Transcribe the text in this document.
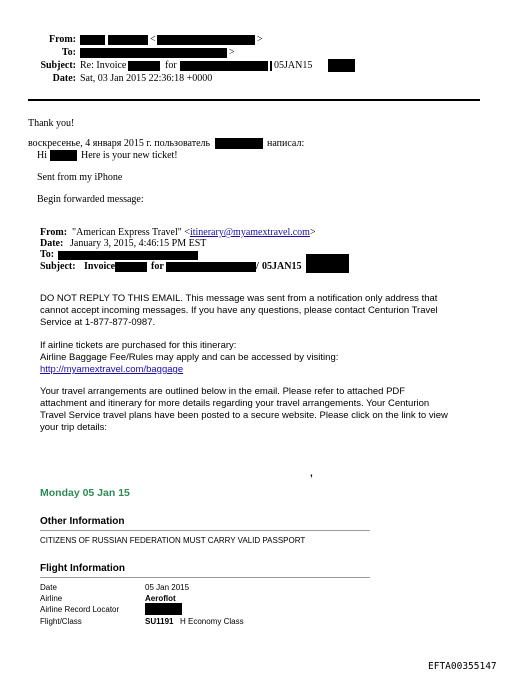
From:	<	>
To:	>
Subject: Re: Invoice	for	05JAN15
Date: Sat, 03 Jan 2015 22:36:18 +0000
Thank you!
воскресенье, 4 января 2015 г. пользователь	написал:
Hi	Here is your new ticket!
Sent from my iPhone
Begin forwarded message:
From: "American Express Travel" <itinerary@myamextravel.com>
Date: January 3, 2015, 4:46:15 PM EST
To:
Subject: Invoice	for	/ 05JAN15
DO NOT REPLY TO THIS EMAIL. This message was sent from a notification only address that
cannot accept incoming messages. If you have any questions, please contact Centurion Travel
Service at 1-877-877-0987.
If airline tickets are purchased for this itinerary:
Airline Baggage Fee/Rules may apply and can be accessed by visiting:
http://myamextravel.com/baggage
Your travel arrangements are outlined below in the email. Please refer to attached PDF
attachment and itinerary for more details regarding your travel arrangements. Your Centurion
Travel Service travel plans have been posted to a secure website. Please click on the link to view
your trip details:
,
Monday 05 Jan 15
Other Information
CITIZENS OF RUSSIAN FEDERATION MUST CARRY VALID PASSPORT
Flight Information
Date	05 Jan 2015
Airline	Aeroflot
Airline Record Locator
Flight/Class	SU1191 H Economy Class
EFTA00355147
